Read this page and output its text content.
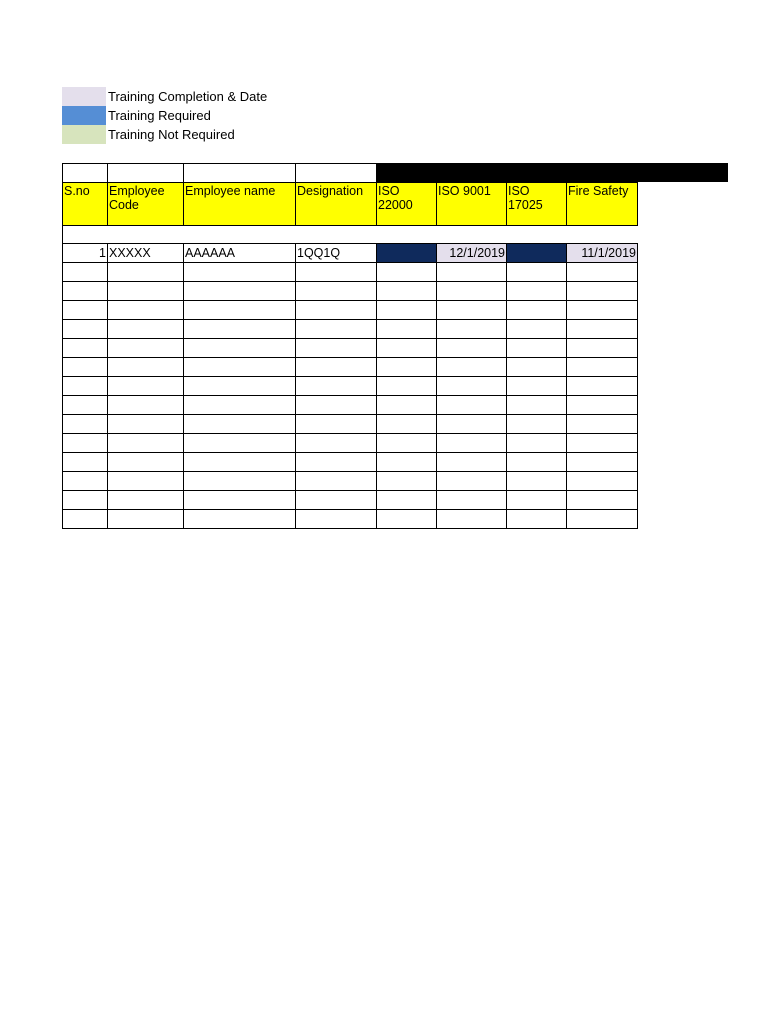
Training Completion & Date
Training Required
Training Not Required

S.no	Employee Code	Employee name	Designation	ISO 22000	ISO 9001	ISO 17025	Fire Safety

1	XXXXX	AAAAAA	1QQ1Q		12/1/2019		11/1/2019
